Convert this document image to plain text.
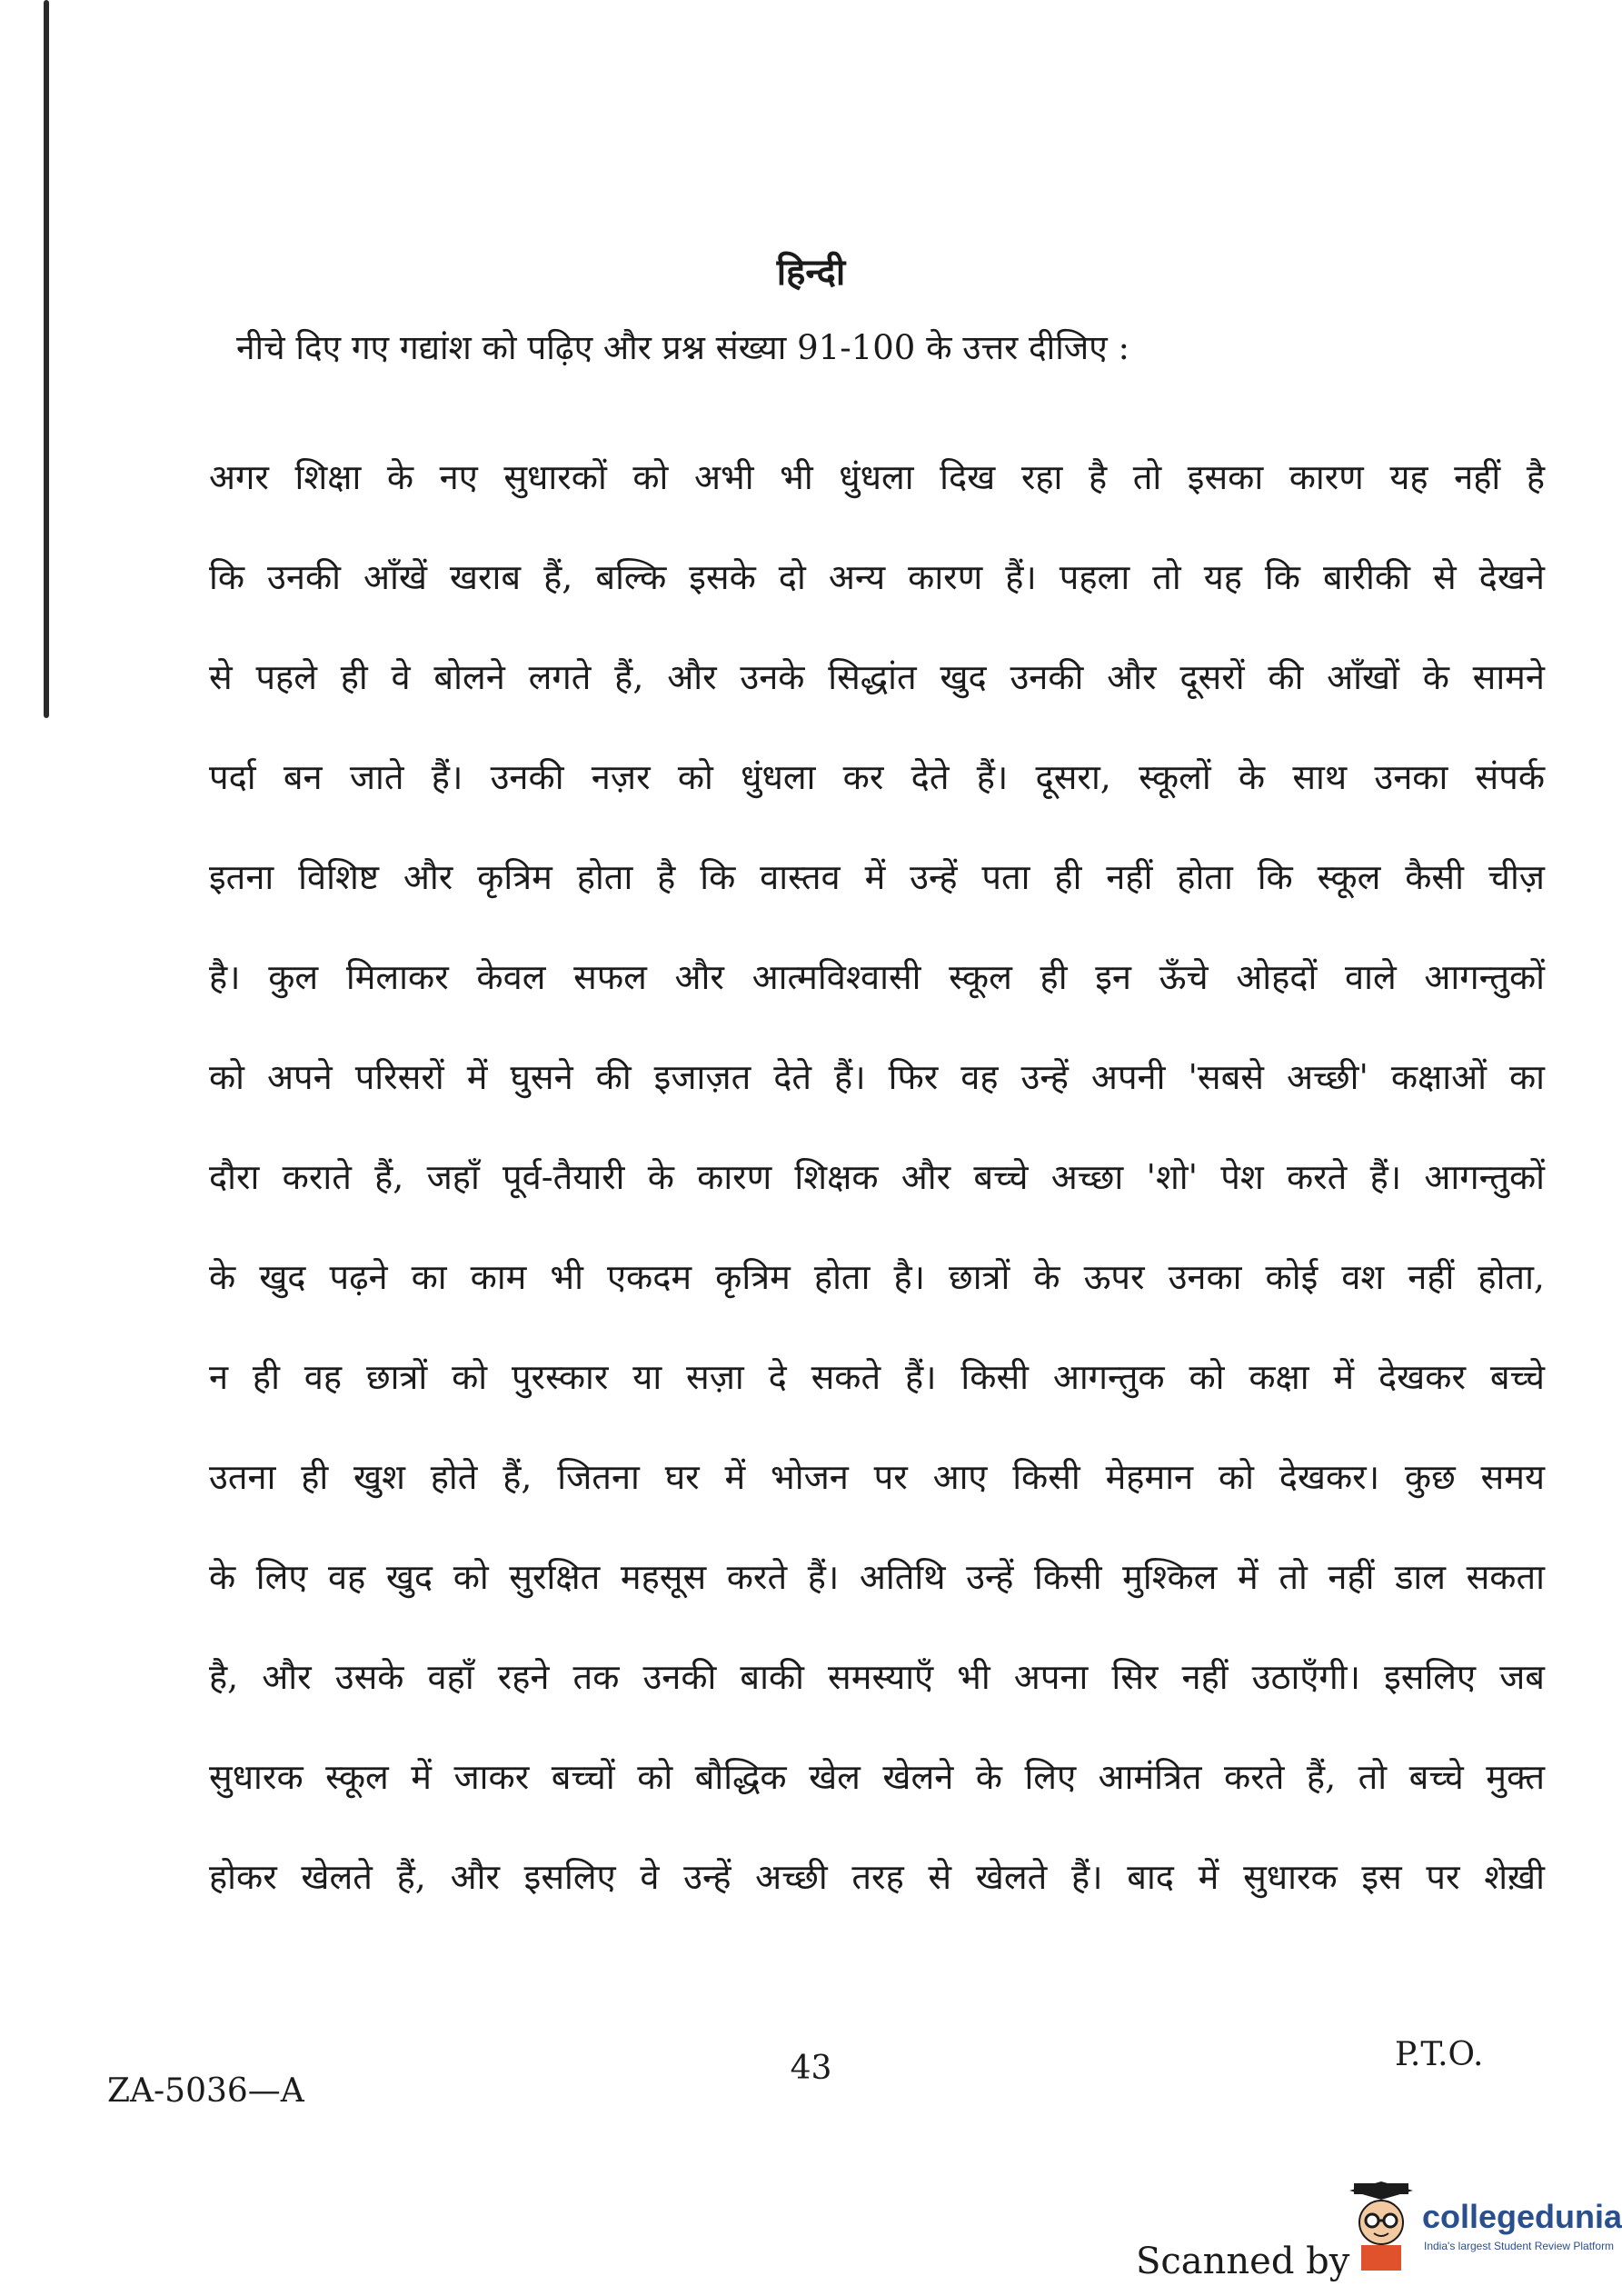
हिन्दी
नीचे दिए गए गद्यांश को पढ़िए और प्रश्न संख्या 91-100 के उत्तर दीजिए :
अगर शिक्षा के नए सुधारकों को अभी भी धुंधला दिख रहा है तो इसका कारण यह नहीं है
कि उनकी आँखें खराब हैं, बल्कि इसके दो अन्य कारण हैं। पहला तो यह कि बारीकी से देखने
से पहले ही वे बोलने लगते हैं, और उनके सिद्धांत खुद उनकी और दूसरों की आँखों के सामने
पर्दा बन जाते हैं। उनकी नज़र को धुंधला कर देते हैं। दूसरा, स्कूलों के साथ उनका संपर्क
इतना विशिष्ट और कृत्रिम होता है कि वास्तव में उन्हें पता ही नहीं होता कि स्कूल कैसी चीज़
है। कुल मिलाकर केवल सफल और आत्मविश्वासी स्कूल ही इन ऊँचे ओहदों वाले आगन्तुकों
को अपने परिसरों में घुसने की इजाज़त देते हैं। फिर वह उन्हें अपनी 'सबसे अच्छी' कक्षाओं का
दौरा कराते हैं, जहाँ पूर्व-तैयारी के कारण शिक्षक और बच्चे अच्छा 'शो' पेश करते हैं। आगन्तुकों
के खुद पढ़ने का काम भी एकदम कृत्रिम होता है। छात्रों के ऊपर उनका कोई वश नहीं होता,
न ही वह छात्रों को पुरस्कार या सज़ा दे सकते हैं। किसी आगन्तुक को कक्षा में देखकर बच्चे
उतना ही खुश होते हैं, जितना घर में भोजन पर आए किसी मेहमान को देखकर। कुछ समय
के लिए वह खुद को सुरक्षित महसूस करते हैं। अतिथि उन्हें किसी मुश्किल में तो नहीं डाल सकता
है, और उसके वहाँ रहने तक उनकी बाकी समस्याएँ भी अपना सिर नहीं उठाएँगी। इसलिए जब
सुधारक स्कूल में जाकर बच्चों को बौद्धिक खेल खेलने के लिए आमंत्रित करते हैं, तो बच्चे मुक्त
होकर खेलते हैं, और इसलिए वे उन्हें अच्छी तरह से खेलते हैं। बाद में सुधारक इस पर शेख़ी
43	P.T.O.
ZA-5036—A
Scanned by
collegedunia
India's largest Student Review Platform
